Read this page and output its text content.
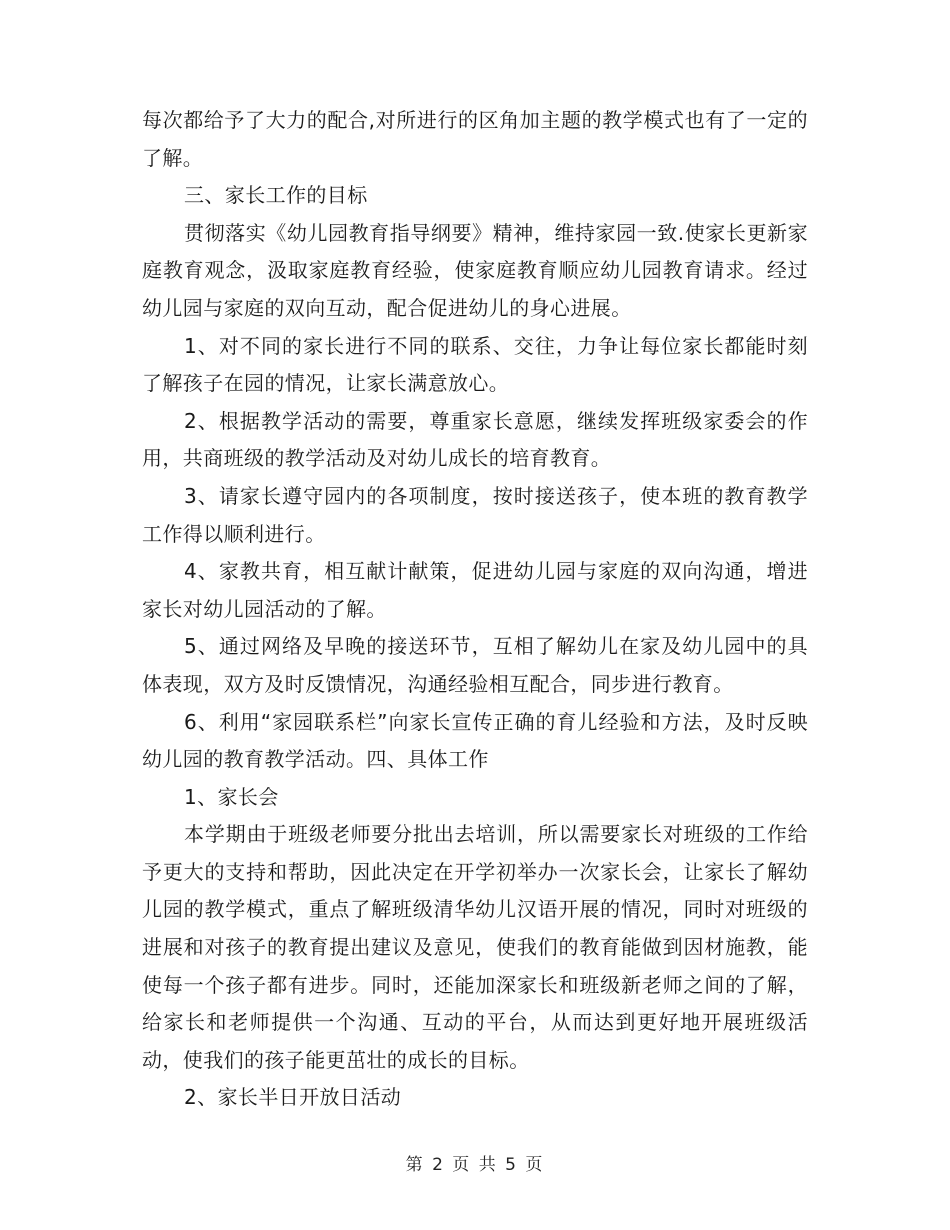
每次都给予了大力的配合,对所进行的区角加主题的教学模式也有了一定的了解。

三、家长工作的目标

贯彻落实《幼儿园教育指导纲要》精神，维持家园一致.使家长更新家庭教育观念，汲取家庭教育经验，使家庭教育顺应幼儿园教育请求。经过幼儿园与家庭的双向互动，配合促进幼儿的身心进展。

1、对不同的家长进行不同的联系、交往，力争让每位家长都能时刻了解孩子在园的情况，让家长满意放心。

2、根据教学活动的需要，尊重家长意愿，继续发挥班级家委会的作用，共商班级的教学活动及对幼儿成长的培育教育。

3、请家长遵守园内的各项制度，按时接送孩子，使本班的教育教学工作得以顺利进行。

4、家教共育，相互献计献策，促进幼儿园与家庭的双向沟通，增进家长对幼儿园活动的了解。

5、通过网络及早晚的接送环节，互相了解幼儿在家及幼儿园中的具体表现，双方及时反馈情况，沟通经验相互配合，同步进行教育。

6、利用“家园联系栏”向家长宣传正确的育儿经验和方法，及时反映幼儿园的教育教学活动。四、具体工作

1、家长会

本学期由于班级老师要分批出去培训，所以需要家长对班级的工作给予更大的支持和帮助，因此决定在开学初举办一次家长会，让家长了解幼儿园的教学模式，重点了解班级清华幼儿汉语开展的情况，同时对班级的进展和对孩子的教育提出建议及意见，使我们的教育能做到因材施教，能使每一个孩子都有进步。同时，还能加深家长和班级新老师之间的了解，给家长和老师提供一个沟通、互动的平台，从而达到更好地开展班级活动，使我们的孩子能更茁壮的成长的目标。

2、家长半日开放日活动

第 2 页 共 5 页
